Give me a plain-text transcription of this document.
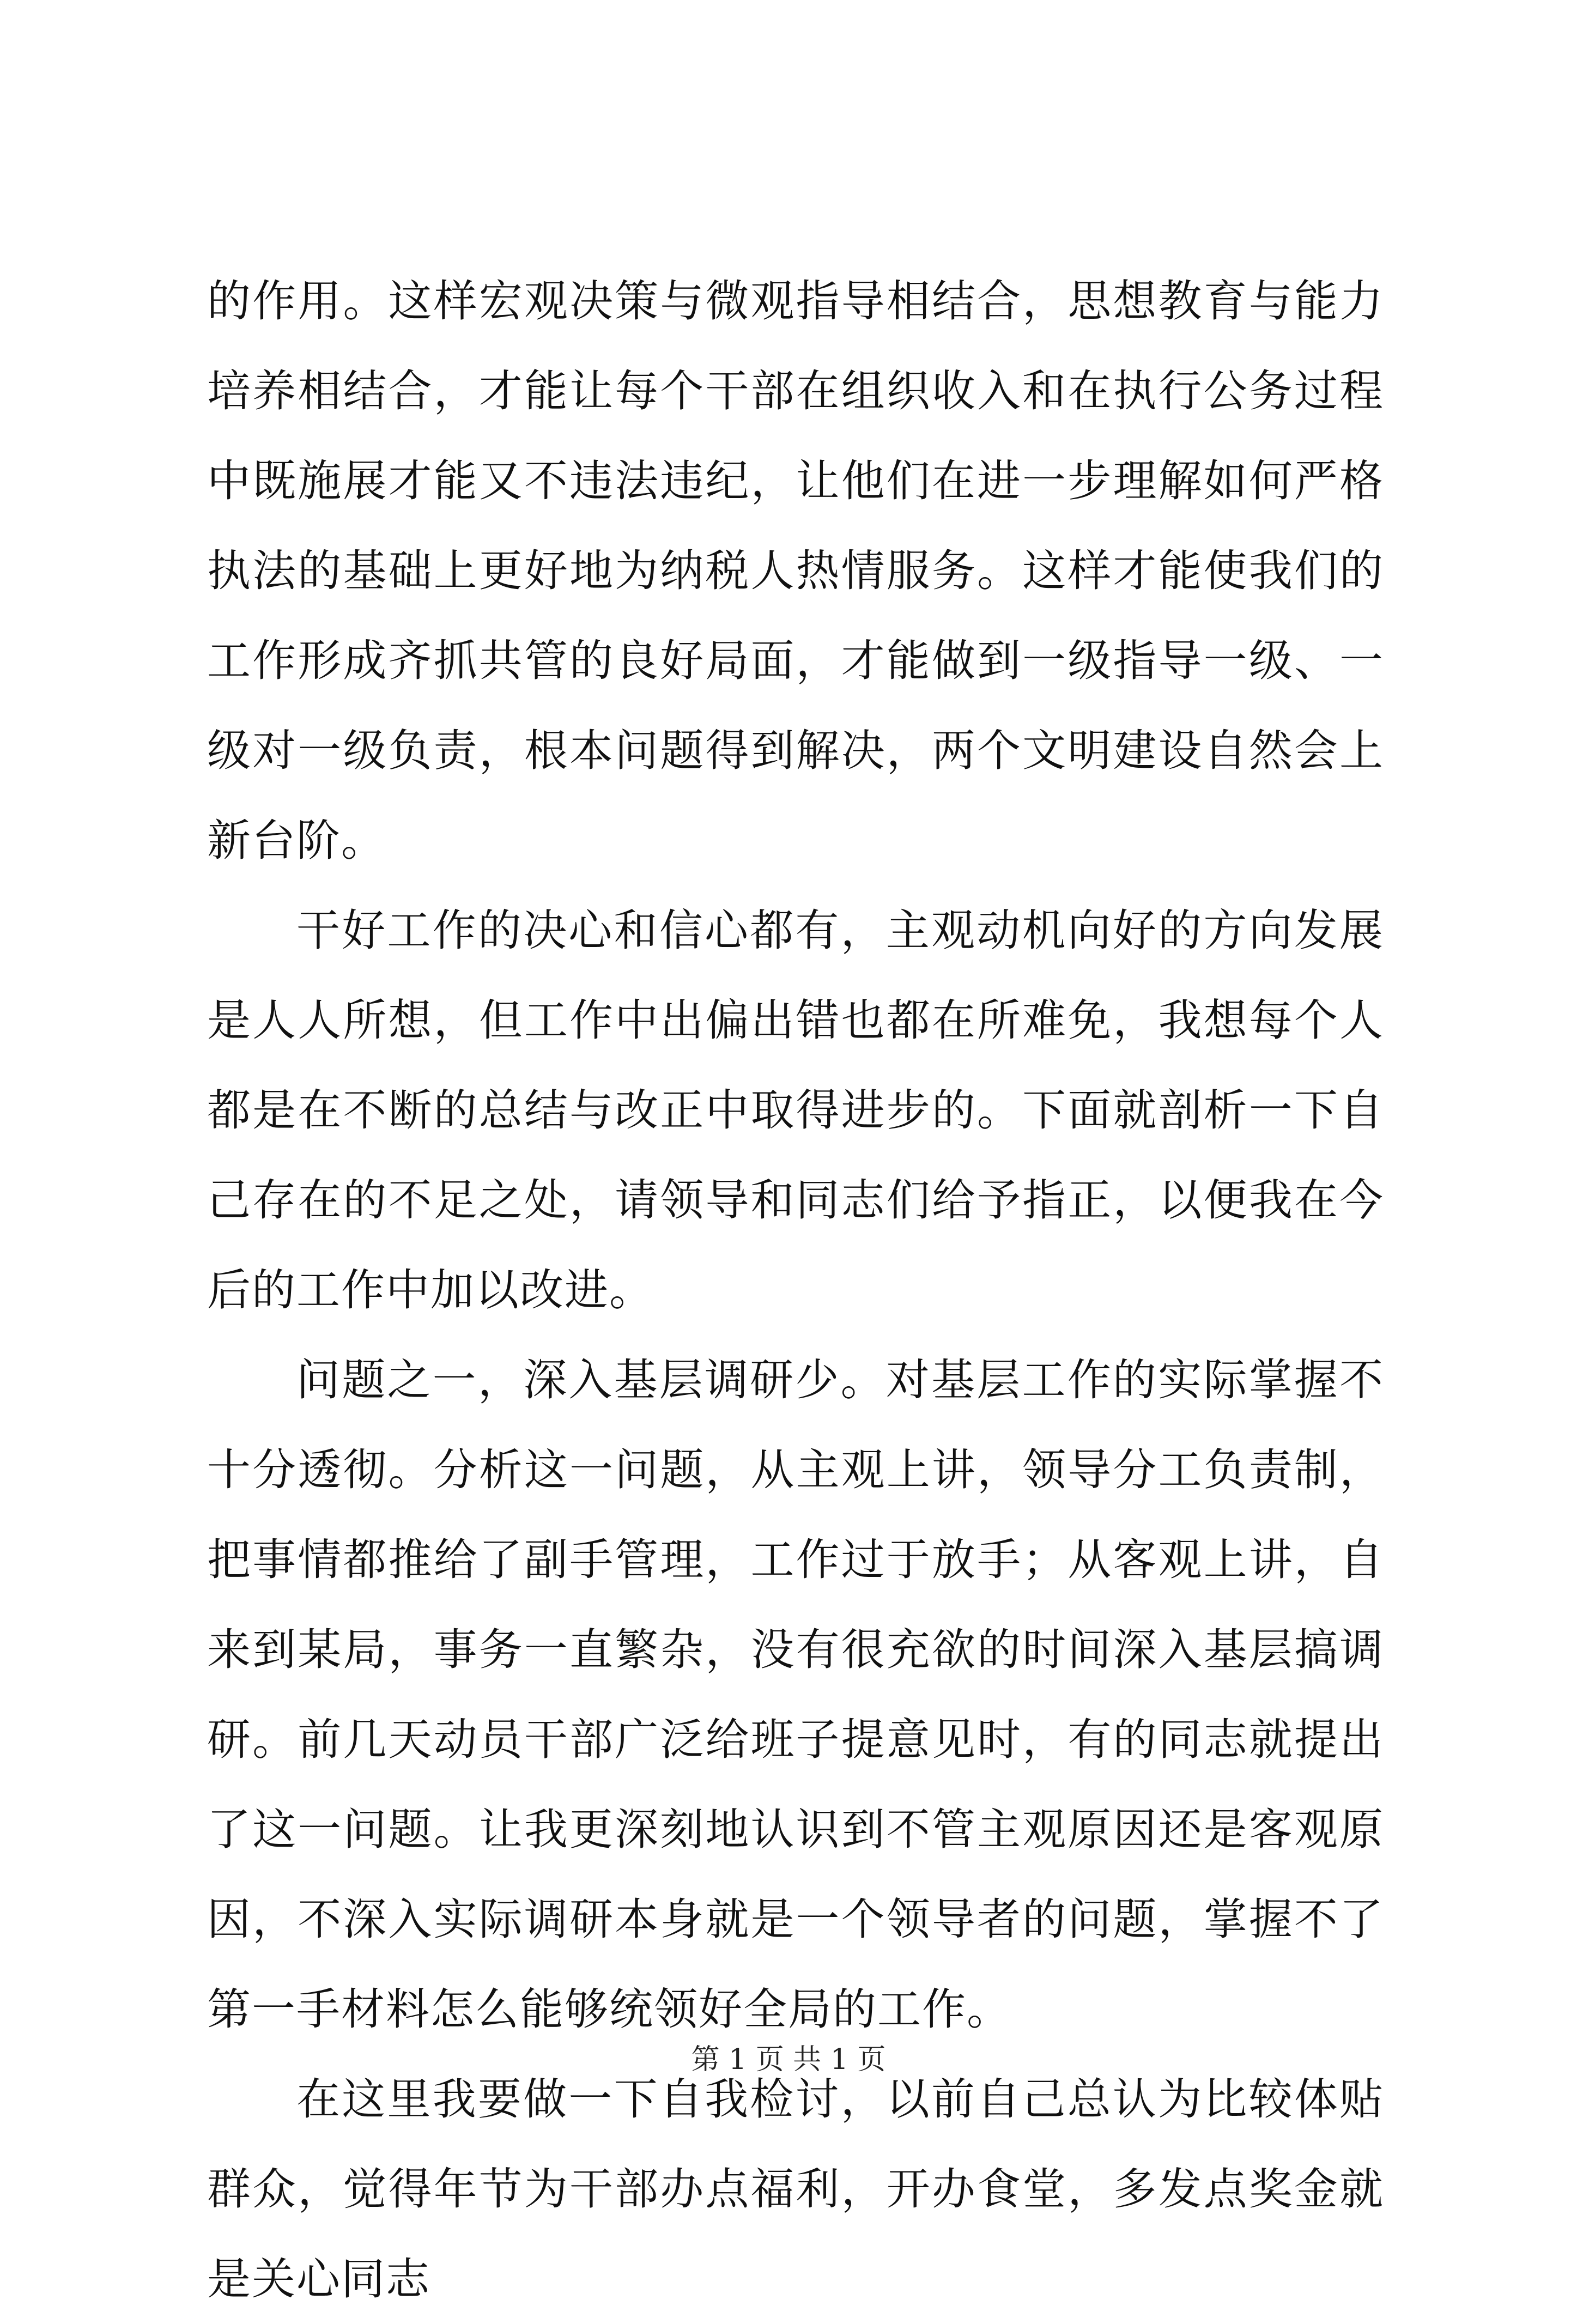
的作用。这样宏观决策与微观指导相结合，思想教育与能力培养相结合，才能让每个干部在组织收入和在执行公务过程中既施展才能又不违法违纪，让他们在进一步理解如何严格执法的基础上更好地为纳税人热情服务。这样才能使我们的工作形成齐抓共管的良好局面，才能做到一级指导一级、一级对一级负责，根本问题得到解决，两个文明建设自然会上新台阶。

干好工作的决心和信心都有，主观动机向好的方向发展是人人所想，但工作中出偏出错也都在所难免，我想每个人都是在不断的总结与改正中取得进步的。下面就剖析一下自己存在的不足之处，请领导和同志们给予指正，以便我在今后的工作中加以改进。

问题之一，深入基层调研少。对基层工作的实际掌握不十分透彻。分析这一问题，从主观上讲，领导分工负责制，把事情都推给了副手管理，工作过于放手；从客观上讲，自来到某局，事务一直繁杂，没有很充欲的时间深入基层搞调研。前几天动员干部广泛给班子提意见时，有的同志就提出了这一问题。让我更深刻地认识到不管主观原因还是客观原因，不深入实际调研本身就是一个领导者的问题，掌握不了第一手材料怎么能够统领好全局的工作。

在这里我要做一下自我检讨，以前自己总认为比较体贴群众，觉得年节为干部办点福利，开办食堂，多发点奖金就是关心同志

第 1 页 共 1 页
